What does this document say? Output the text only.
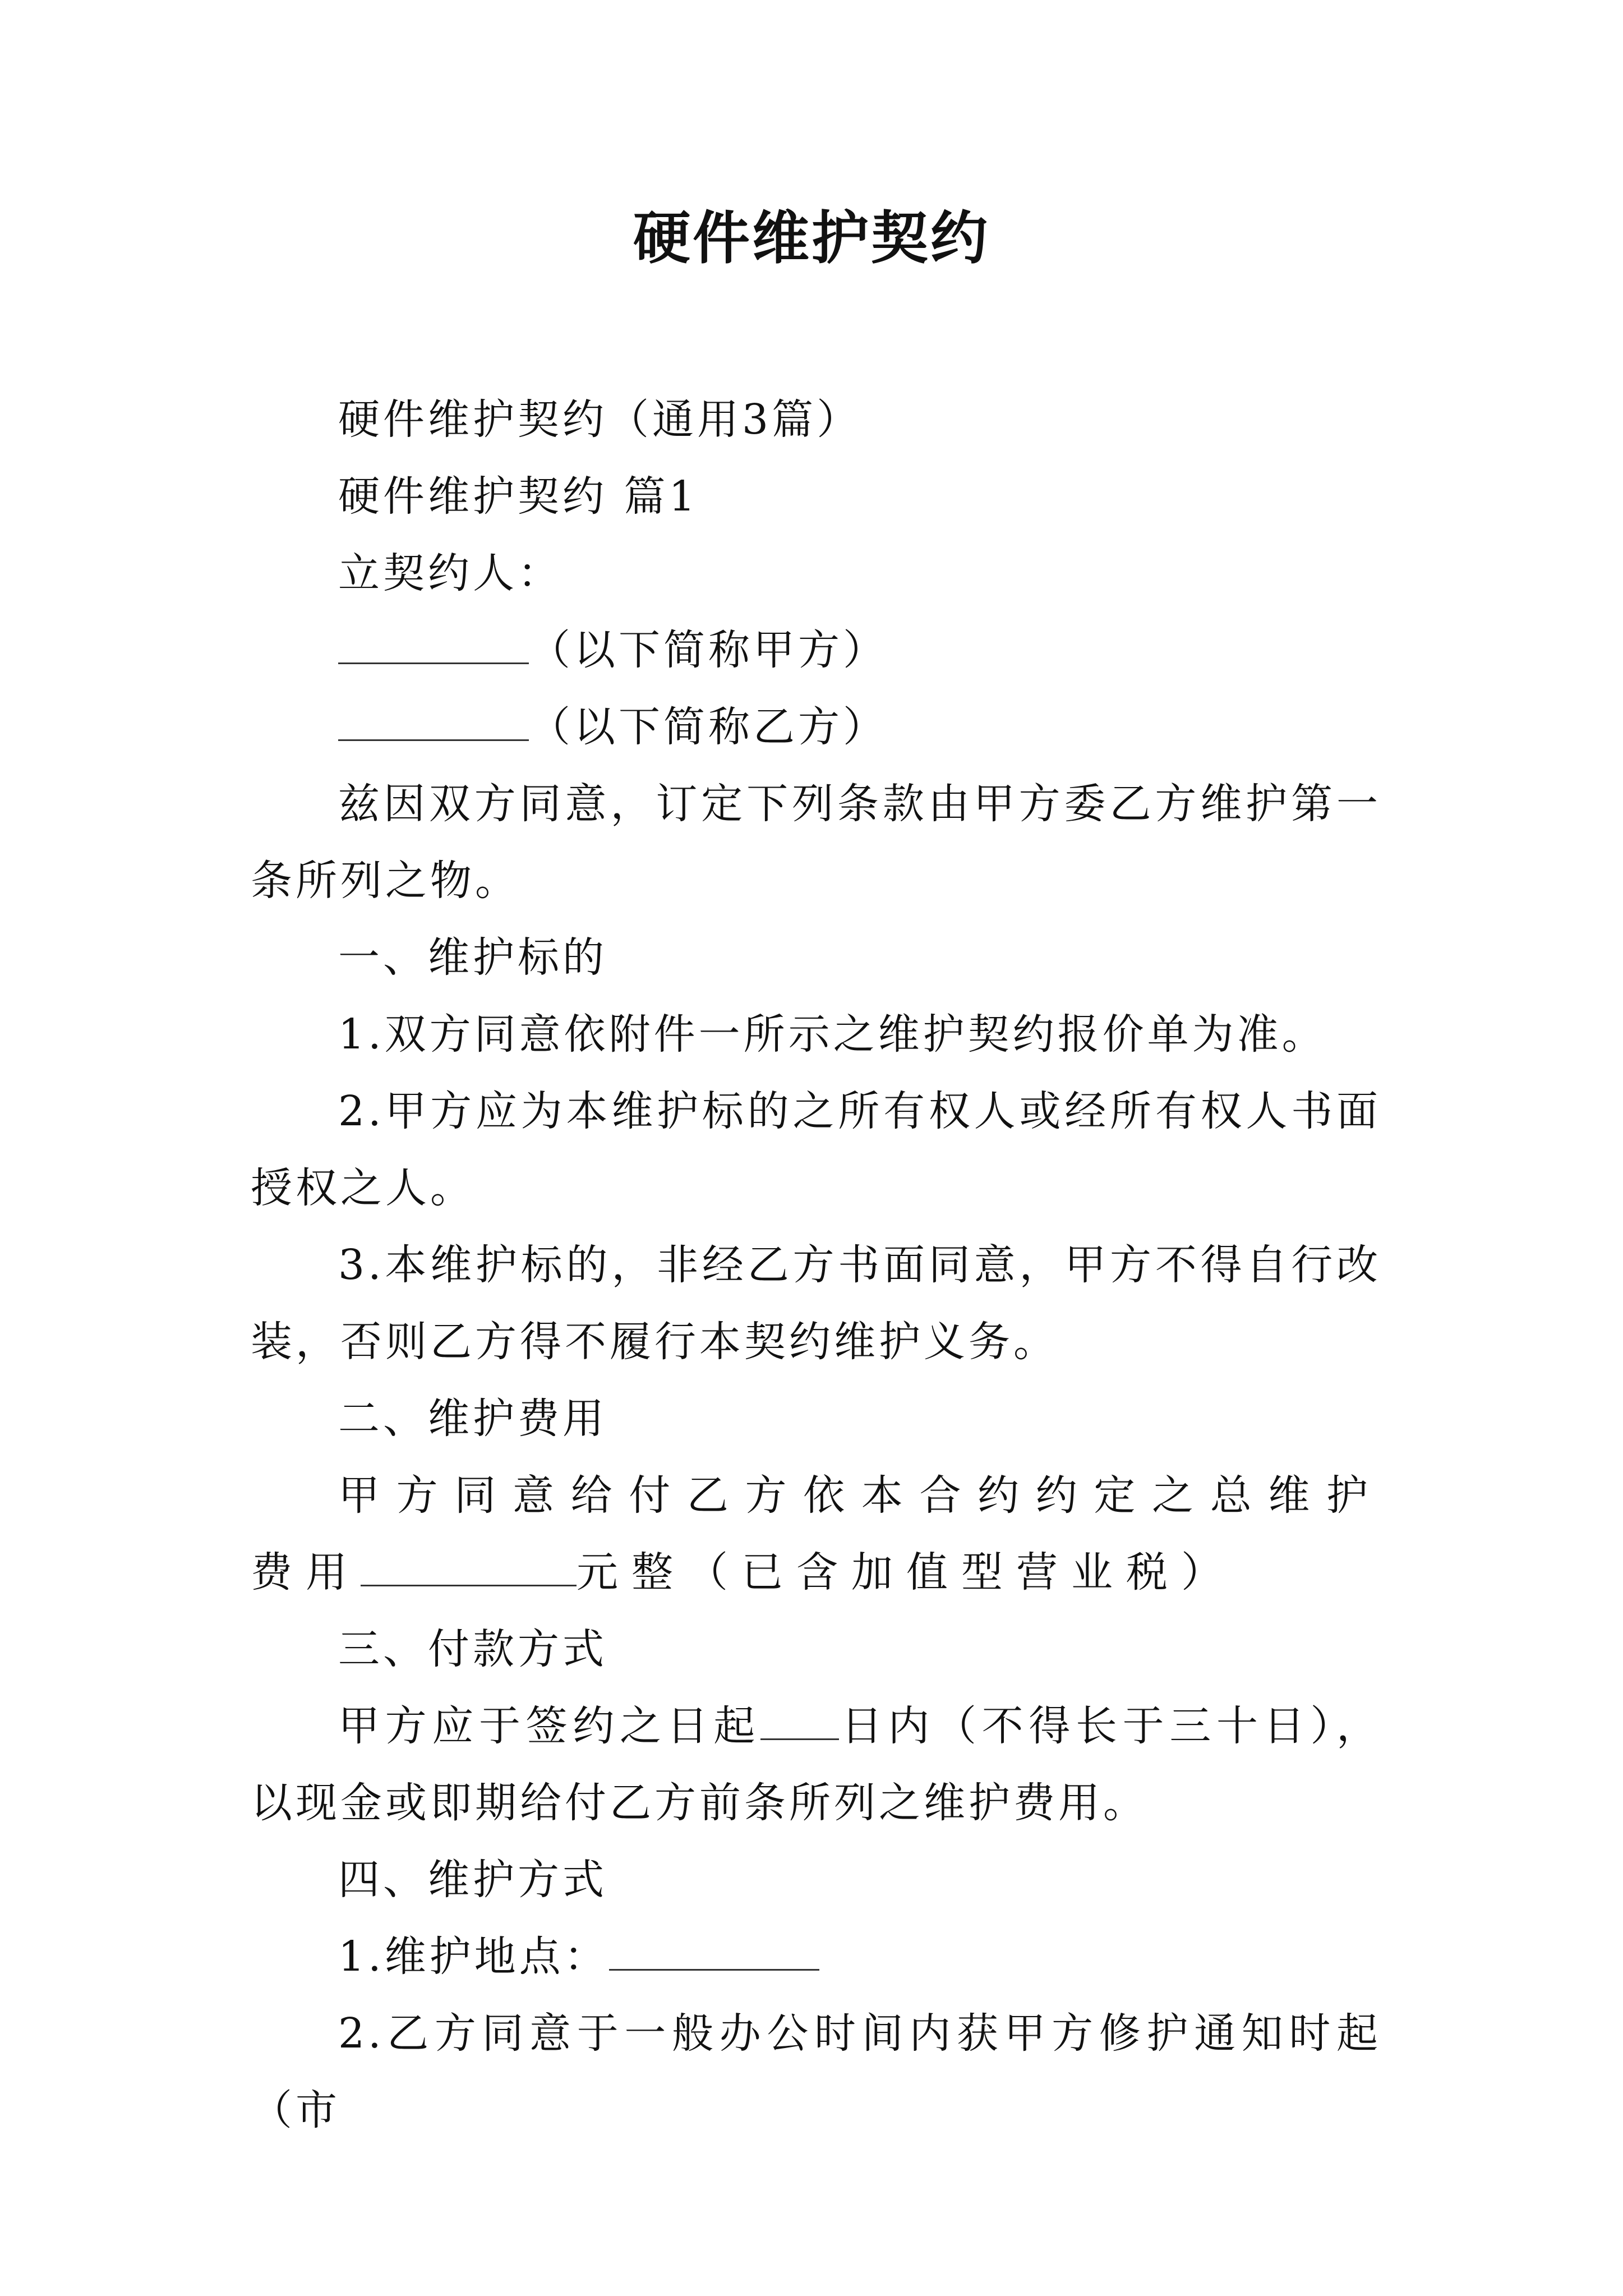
硬件维护契约

硬件维护契约（通用3篇）

硬件维护契约 篇1

立契约人：

（以下简称甲方）

（以下简称乙方）

兹因双方同意，订定下列条款由甲方委乙方维护第一条所列之物。

一、维护标的

1.双方同意依附件一所示之维护契约报价单为准。

2.甲方应为本维护标的之所有权人或经所有权人书面授权之人。

3.本维护标的，非经乙方书面同意，甲方不得自行改装，否则乙方得不履行本契约维护义务。

二、维护费用

甲方同意给付乙方依本合约约定之总维护费用	元整（已含加值型营业税）

三、付款方式

甲方应于签约之日起 日内（不得长于三十日），以现金或即期给付乙方前条所列之维护费用。

四、维护方式

1.维护地点：

2.乙方同意于一般办公时间内获甲方修护通知时起（市
